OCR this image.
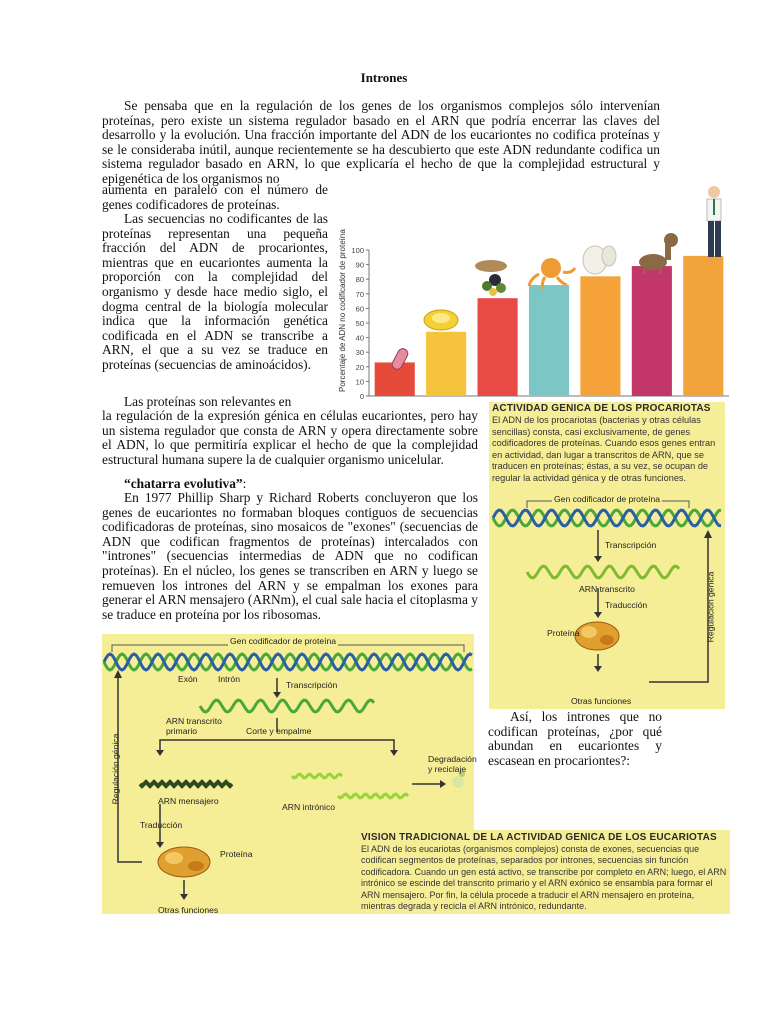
Intrones
Se pensaba que en la regulación de los genes de los organismos complejos sólo intervenían proteínas, pero existe un sistema regulador basado en el ARN que podría encerrar las claves del desarrollo y la evolución. Una fracción importante del ADN de los eucariontes no codifica proteínas y se le consideraba inútil, aunque recientemente se ha descubierto que este ADN redundante codifica un sistema regulador basado en ARN, lo que explicaría el hecho de que la complejidad estructural y epigenética de los organismos no
aumenta en paralelo con el número de genes codificadores de proteínas.
Las secuencias no codificantes de las proteínas representan una pequeña fracción del ADN de procariontes, mientras que en eucariontes aumenta la proporción con la complejidad del organismo y desde hace medio siglo, el dogma central de la biología molecular indica que la información genética codificada en el ADN se transcribe a ARN, el que a su vez se traduce en proteínas (secuencias de aminoácidos).
Las proteínas son relevantes en
la regulación de la expresión génica en células eucariontes, pero hay un sistema regulador que consta de ARN y opera directamente sobre el ADN, lo que permitiría explicar el hecho de que la complejidad estructural humana supere la de cualquier organismo unicelular.
“chatarra evolutiva”:
En 1977 Phillip Sharp y Richard Roberts concluyeron que los genes de eucariontes no formaban bloques contiguos de secuencias codificadoras de proteínas, sino mosaicos de "exones" (secuencias de ADN que codifican fragmentos de proteínas) intercalados con "intrones" (secuencias intermedias de ADN que no codifican proteínas). En el núcleo, los genes se transcriben en ARN y luego se remueven los intrones del ARN y se empalman los exones para generar el ARN mensajero (ARNm), el cual sale hacia el citoplasma y se traduce en proteína por los ribosomas.
0
10
20
30
40
50
60
70
80
90
100
Porcentaje de ADN no codificador de proteína
ACTIVIDAD GENICA DE LOS PROCARIOTAS
El ADN de los procariotas (bacterias y otras células sencillas) consta, casi exclusivamente, de genes codificadores de proteínas. Cuando esos genes entran en actividad, dan lugar a transcritos de ARN, que se traducen en proteínas; éstas, a su vez, se ocupan de regular la actividad génica y de otras funciones.
Gen codificador de proteína
Transcripción
ARN transcrito
Traducción
Proteína
Otras funciones
Regulación génica
Así, los intrones que no codifican proteínas, ¿por qué abundan en eucariontes y escasean en procariontes?:
Gen codificador de proteína
Exón Intrón
Transcripción
ARN transcrito primario	Corte y empalme
Degradación y reciclaje
ARN mensajero
ARN intrónico
Traducción
Proteína
Otras funciones
Regulación génica
VISION TRADICIONAL DE LA ACTIVIDAD GENICA DE LOS EUCARIOTAS
El ADN de los eucariotas (organismos complejos) consta de exones, secuencias que codifican segmentos de proteínas, separados por intrones, secuencias sin función codificadora. Cuando un gen está activo, se transcribe por completo en ARN; luego, el ARN intrónico se escinde del transcrito primario y el ARN exónico se ensambla para formar el ARN mensajero. Por fin, la célula procede a traducir el ARN mensajero en proteína, mientras degrada y recicla el ARN intrónico, redundante.
